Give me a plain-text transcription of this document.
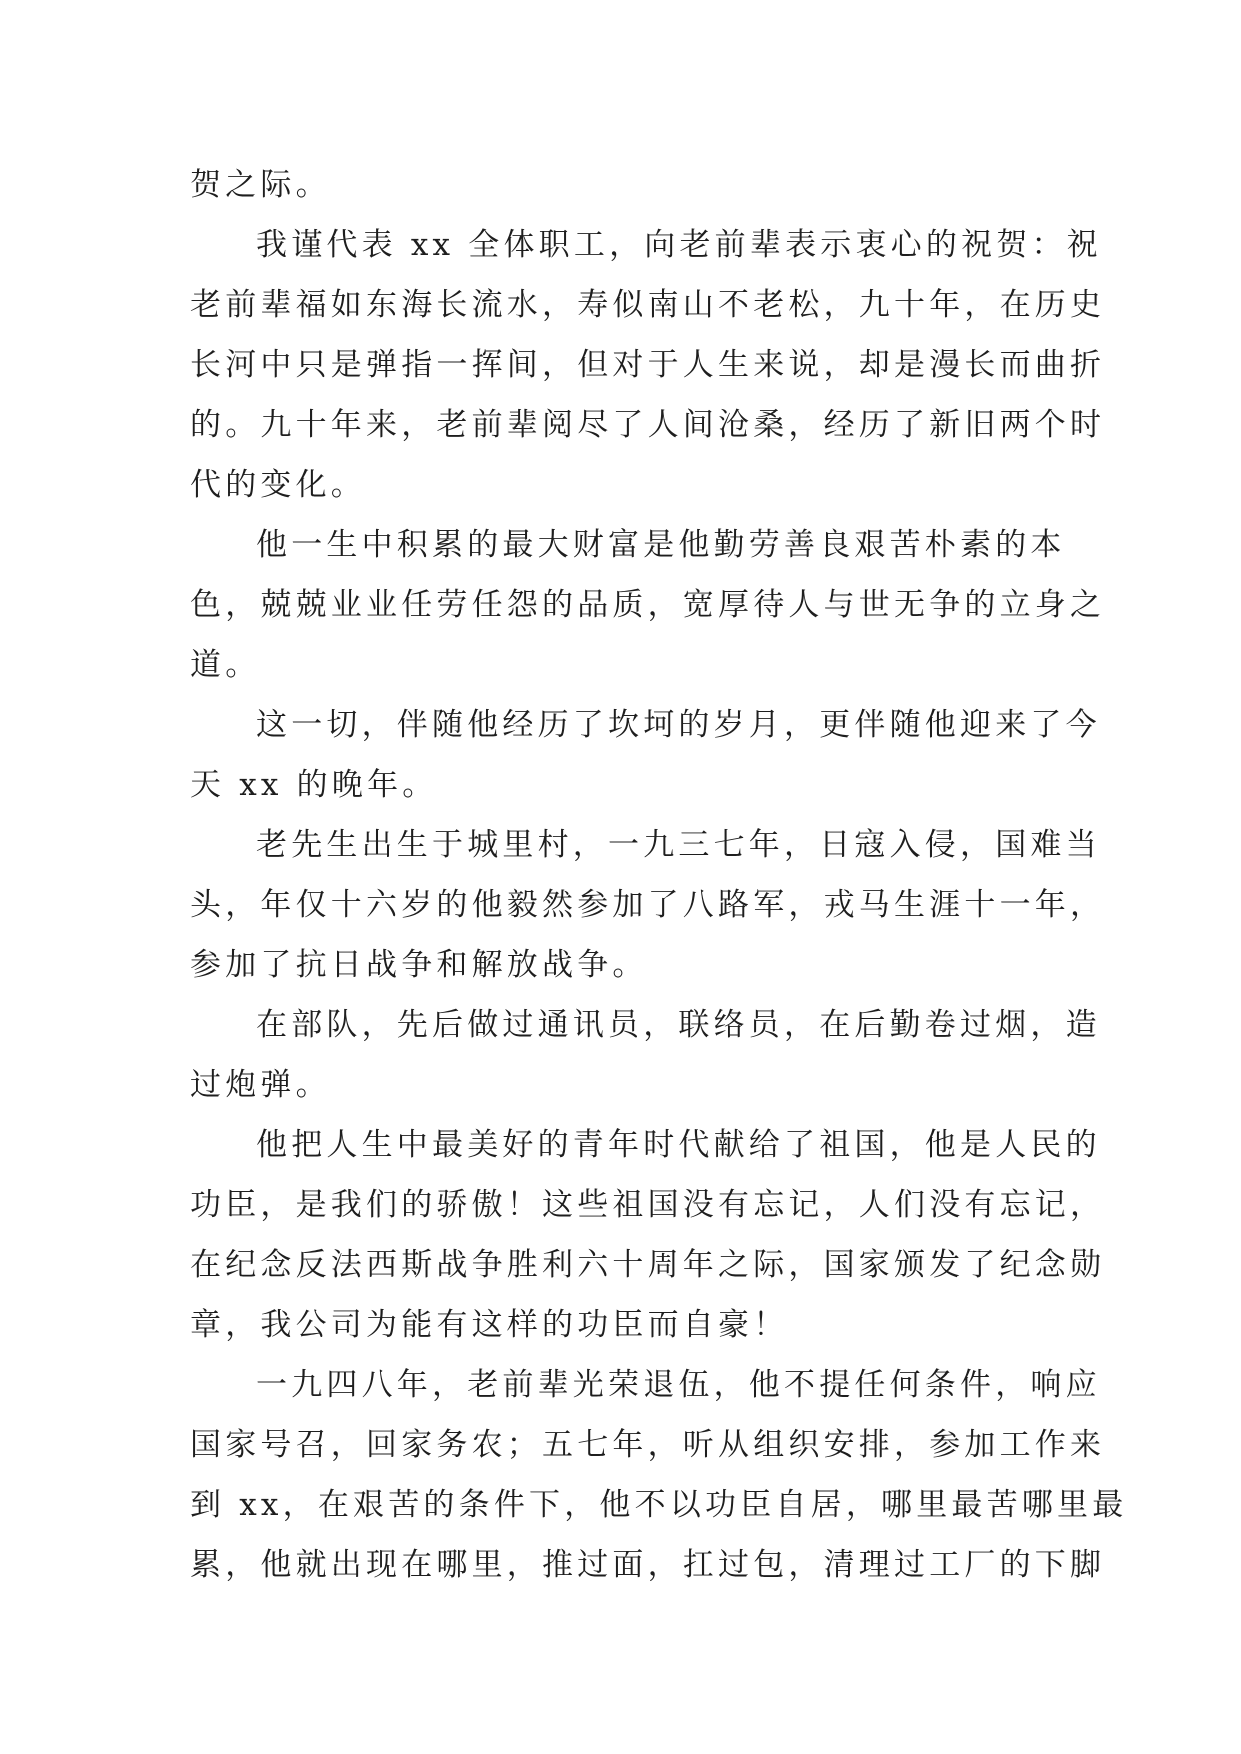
贺之际。
我谨代表 xx 全体职工，向老前辈表示衷心的祝贺：祝
老前辈福如东海长流水，寿似南山不老松，九十年，在历史
长河中只是弹指一挥间，但对于人生来说，却是漫长而曲折
的。九十年来，老前辈阅尽了人间沧桑，经历了新旧两个时
代的变化。
他一生中积累的最大财富是他勤劳善良艰苦朴素的本
色，兢兢业业任劳任怨的品质，宽厚待人与世无争的立身之
道。
这一切，伴随他经历了坎坷的岁月，更伴随他迎来了今
天 xx 的晚年。
老先生出生于城里村，一九三七年，日寇入侵，国难当
头，年仅十六岁的他毅然参加了八路军，戎马生涯十一年，
参加了抗日战争和解放战争。
在部队，先后做过通讯员，联络员，在后勤卷过烟，造
过炮弹。
他把人生中最美好的青年时代献给了祖国，他是人民的
功臣，是我们的骄傲！这些祖国没有忘记，人们没有忘记，
在纪念反法西斯战争胜利六十周年之际，国家颁发了纪念勋
章，我公司为能有这样的功臣而自豪！
一九四八年，老前辈光荣退伍，他不提任何条件，响应
国家号召，回家务农；五七年，听从组织安排，参加工作来
到 xx，在艰苦的条件下，他不以功臣自居，哪里最苦哪里最
累，他就出现在哪里，推过面，扛过包，清理过工厂的下脚
